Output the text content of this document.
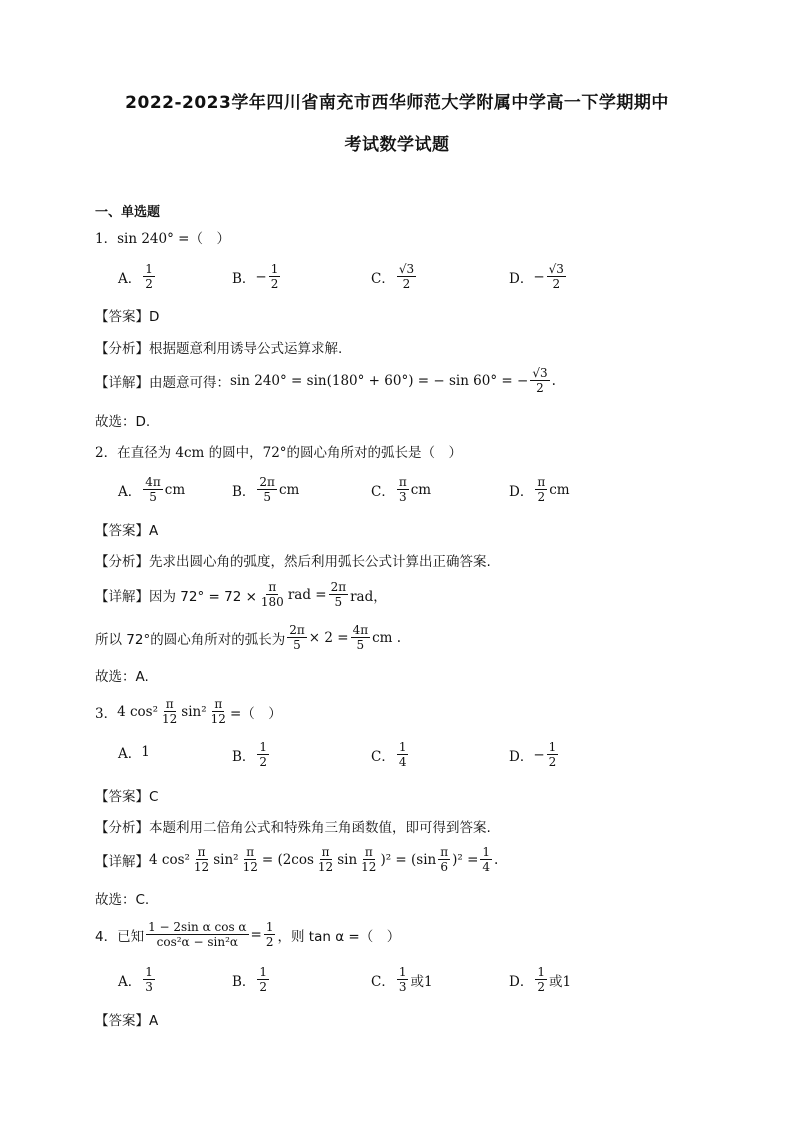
2022-2023学年四川省南充市西华师范大学附属中学高一下学期期中
考试数学试题
一、单选题
1．sin 240° =（　）
A． $\frac{1}{2}$	B． − $\frac{1}{2}$	C． $\frac{√3}{2}$	D． − $\frac{√3}{2}$
【答案】D
【分析】根据题意利用诱导公式运算求解.
【详解】由题意可得： sin 240° = sin(180° + 60°) = − sin 60° = − $\frac{√3}{2}$ .
故选：D.
2．在直径为 4cm 的圆中，72°的圆心角所对的弧长是（　）
A． $\frac{4\pi}{5}$ cm	B． $\frac{2\pi}{5}$ cm	C． $\frac{\pi}{3}$ cm	D． $\frac{\pi}{2}$ cm
【答案】A
【分析】先求出圆心角的弧度，然后利用弧长公式计算出正确答案.
【详解】因为 $72^\circ = 72 \times \frac{\pi}{180}$ rad = $\frac{2\pi}{5}$ rad，
所以 72°的圆心角所对的弧长为 $\frac{2\pi}{5} \times 2 = \frac{4\pi}{5}$ cm .
故选：A.
3． 4 $\cos^2 \frac{\pi}{12} \sin^2 \frac{\pi}{12}$ =（　）
A． 1	B． $\frac{1}{2}$	C． $\frac{1}{4}$	D． − $\frac{1}{2}$
【答案】C
【分析】本题利用二倍角公式和特殊角三角函数值，即可得到答案.
【详解】 4 $\cos^2 \frac{\pi}{12} \sin^2 \frac{\pi}{12} = (2\cos \frac{\pi}{12}$ $\sin \frac{\pi}{12} )^2 = (\sin \frac{\pi}{6} )^2 = \frac{1}{4}$ .
故选：C.
4．已知 $\frac{\text{1 − 2sin α cos α}}{\text{cos²α − sin²α}} = \frac{1}{2}$ ，则 tan α =（　）
A． $\frac{1}{3}$	B． $\frac{1}{2}$	C． $\frac{1}{3}$ 或1	D． $\frac{1}{2}$ 或1
【答案】A
